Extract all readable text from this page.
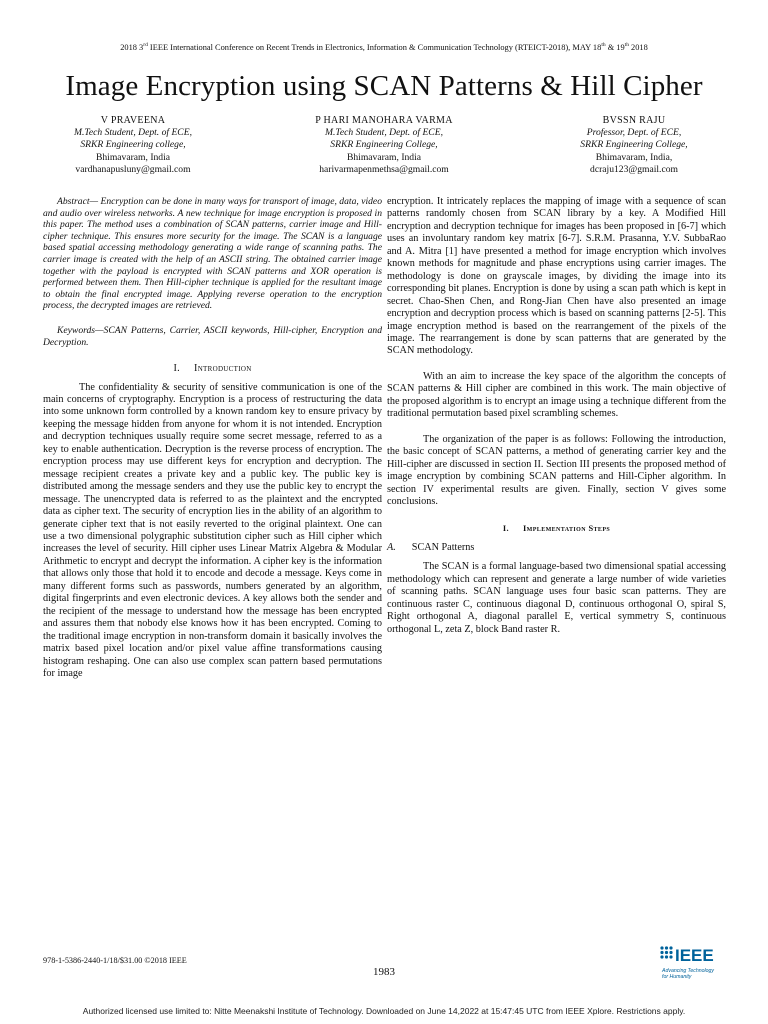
2018 3rd IEEE International Conference on Recent Trends in Electronics, Information & Communication Technology (RTEICT-2018), MAY 18th & 19th 2018
Image Encryption using SCAN Patterns & Hill Cipher
V PRAVEENA
M.Tech Student, Dept. of ECE,
SRKR Engineering college,
Bhimavaram, India
vardhanapusluny@gmail.com
P HARI MANOHARA VARMA
M.Tech Student, Dept. of ECE,
SRKR Engineering College,
Bhimavaram, India
harivarmapenmethsa@gmail.com
BVSSN RAJU
Professor, Dept. of ECE,
SRKR Engineering College,
Bhimavaram, India,
dcraju123@gmail.com

Abstract— Encryption can be done in many ways for transport of image, data, video and audio over wireless networks. A new technique for image encryption is proposed in this paper. The method uses a combination of SCAN patterns, carrier image and Hill-cipher technique. This ensures more security for the image. The SCAN is a language based spatial accessing methodology generating a wide range of scanning paths. The carrier image is created with the help of an ASCII string. The obtained carrier image together with the payload is encrypted with SCAN patterns and XOR operation is performed between them. Then Hill-cipher technique is applied for the resultant image to obtain the final encrypted image. Applying reverse operation to the encryption process, the decrypted images are retrieved.

Keywords—SCAN Patterns, Carrier, ASCII keywords, Hill-cipher, Encryption and Decryption.

I. Introduction

The confidentiality & security of sensitive communication is one of the main concerns of cryptography. Encryption is a process of restructuring the data into some unknown form controlled by a known random key to ensure privacy by keeping the message hidden from anyone for whom it is not intended. Encryption and decryption techniques usually require some secret message, referred to as a key to enable authentication. Decryption is the reverse process of encryption. The encryption process may use different keys for encryption and decryption. The message recipient creates a private key and a public key. The public key is distributed among the message senders and they use the public key to encrypt the message. The unencrypted data is referred to as the plaintext and the encrypted data as cipher text. The security of encryption lies in the ability of an algorithm to generate cipher text that is not easily reverted to the original plaintext. One can use a two dimensional polygraphic substitution cipher such as Hill cipher which increases the level of security. Hill cipher uses Linear Matrix Algebra & Modular Arithmetic to encrypt and decrypt the information. A cipher key is the information that allows only those that hold it to encode and decode a message. Keys come in many different forms such as passwords, numbers generated by an algorithm, digital fingerprints and even electronic devices. A key allows both the sender and the recipient of the message to understand how the message has been encrypted and assures them that nobody else knows how it has been encrypted. Coming to the traditional image encryption in non-transform domain it basically involves the matrix based pixel location and/or pixel value affine transformations causing histogram reshaping. One can also use complex scan pattern based permutations for image

encryption. It intricately replaces the mapping of image with a sequence of scan patterns randomly chosen from SCAN library by a key. A Modified Hill encryption and decryption technique for images has been proposed in [6-7] which uses an involuntary random key matrix [6-7]. S.R.M. Prasanna, Y.V. SubbaRao and A. Mitra [1] have presented a method for image encryption which involves known methods for magnitude and phase encryptions using carrier images. The methodology is done on grayscale images, by dividing the image into its corresponding bit planes. Encryption is done by using a scan path which is kept in secret. Chao-Shen Chen, and Rong-Jian Chen have also presented an image encryption and decryption process which is based on scanning patterns [2-5]. This image encryption method is based on the rearrangement of the pixels of the image. The rearrangement is done by scan patterns that are generated by the SCAN methodology.

With an aim to increase the key space of the algorithm the concepts of SCAN patterns & Hill cipher are combined in this work. The main objective of the proposed algorithm is to encrypt an image using a technique different from the traditional permutation based pixel scrambling schemes.

The organization of the paper is as follows: Following the introduction, the basic concept of SCAN patterns, a method of generating carrier key and the Hill-cipher are discussed in section II. Section III presents the proposed method of image encryption by combining SCAN patterns and Hill-Cipher algorithm. In section IV experimental results are given. Finally, section V gives some conclusions.

I. Implementation Steps
A. SCAN Patterns

The SCAN is a formal language-based two dimensional spatial accessing methodology which can represent and generate a large number of wide varieties of scanning paths. SCAN language uses four basic scan patterns. They are continuous raster C, continuous diagonal D, continuous orthogonal O, spiral S, Right orthogonal A, diagonal parallel E, vertical symmetry S, continuous orthogonal L, zeta Z, block Band raster R.

978-1-5386-2440-1/18/$31.00 ©2018 IEEE
1983
IEEE
Advancing Technology
for Humanity
Authorized licensed use limited to: Nitte Meenakshi Institute of Technology. Downloaded on June 14,2022 at 15:47:45 UTC from IEEE Xplore. Restrictions apply.
